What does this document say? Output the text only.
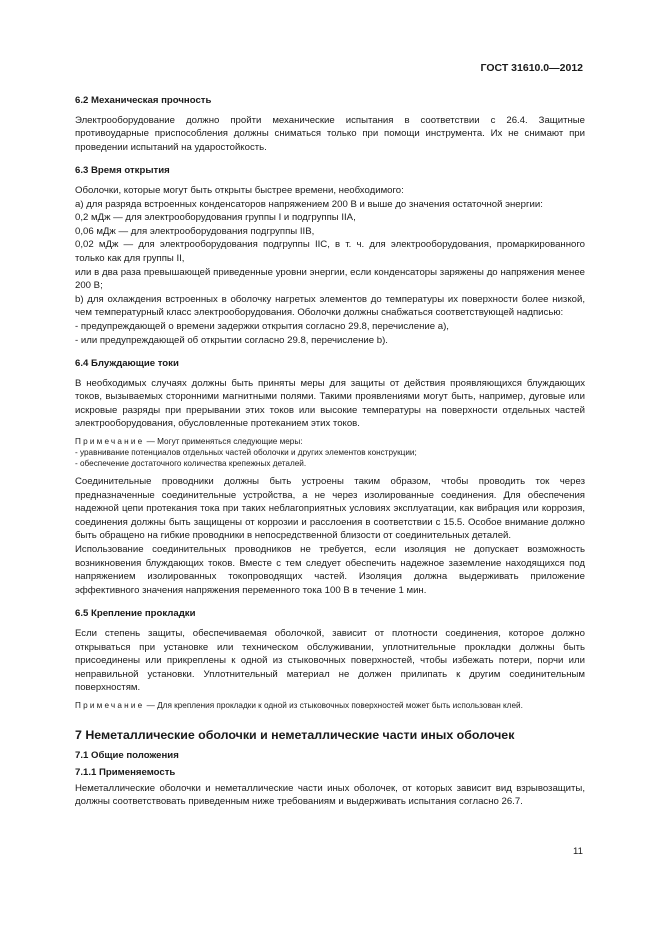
ГОСТ 31610.0—2012

6.2 Механическая прочность

Электрооборудование должно пройти механические испытания в соответствии с 26.4. Защитные противоударные приспособления должны сниматься только при помощи инструмента. Их не снимают при проведении испытаний на ударостойкость.

6.3 Время открытия

Оболочки, которые могут быть открыты быстрее времени, необходимого:

а) для разряда встроенных конденсаторов напряжением 200 В и выше до значения остаточной энергии:

0,2 мДж — для электрооборудования группы I и подгруппы IIA,

0,06 мДж — для электрооборудования подгруппы IIB,

0,02 мДж — для электрооборудования подгруппы IIC, в т. ч. для электрооборудования, промаркированного только как для группы II,

или в два раза превышающей приведенные уровни энергии, если конденсаторы заряжены до напряжения менее 200 В;

b) для охлаждения встроенных в оболочку нагретых элементов до температуры их поверхности более низкой, чем температурный класс электрооборудования. Оболочки должны снабжаться соответствующей надписью:

- предупреждающей о времени задержки открытия согласно 29.8, перечисление а),

- или предупреждающей об открытии согласно 29.8, перечисление b).

6.4 Блуждающие токи

В необходимых случаях должны быть приняты меры для защиты от действия проявляющихся блуждающих токов, вызываемых сторонними магнитными полями. Такими проявлениями могут быть, например, дуговые или искровые разряды при прерывании этих токов или высокие температуры на поверхности отдельных частей электрооборудования, обусловленные протеканием этих токов.

Примечание — Могут применяться следующие меры:
- уравнивание потенциалов отдельных частей оболочки и других элементов конструкции;
- обеспечение достаточного количества крепежных деталей.

Соединительные проводники должны быть устроены таким образом, чтобы проводить ток через предназначенные соединительные устройства, а не через изолированные соединения. Для обеспечения надежной цепи протекания тока при таких неблагоприятных условиях эксплуатации, как вибрация или коррозия, соединения должны быть защищены от коррозии и расслоения в соответствии с 15.5. Особое внимание должно быть обращено на гибкие проводники в непосредственной близости от соединительных деталей.

Использование соединительных проводников не требуется, если изоляция не допускает возможность возникновения блуждающих токов. Вместе с тем следует обеспечить надежное заземление находящихся под напряжением изолированных токопроводящих частей. Изоляция должна выдерживать приложение эффективного значения напряжения переменного тока 100 В в течение 1 мин.

6.5 Крепление прокладки

Если степень защиты, обеспечиваемая оболочкой, зависит от плотности соединения, которое должно открываться при установке или техническом обслуживании, уплотнительные прокладки должны быть присоединены или прикреплены к одной из стыковочных поверхностей, чтобы избежать потери, порчи или неправильной установки. Уплотнительный материал не должен прилипать к другим соединительным поверхностям.

Примечание — Для крепления прокладки к одной из стыковочных поверхностей может быть использован клей.
7 Неметаллические оболочки и неметаллические части иных оболочек
7.1 Общие положения
7.1.1 Применяемость

Неметаллические оболочки и неметаллические части иных оболочек, от которых зависит вид взрывозащиты, должны соответствовать приведенным ниже требованиям и выдерживать испытания согласно 26.7.

11
